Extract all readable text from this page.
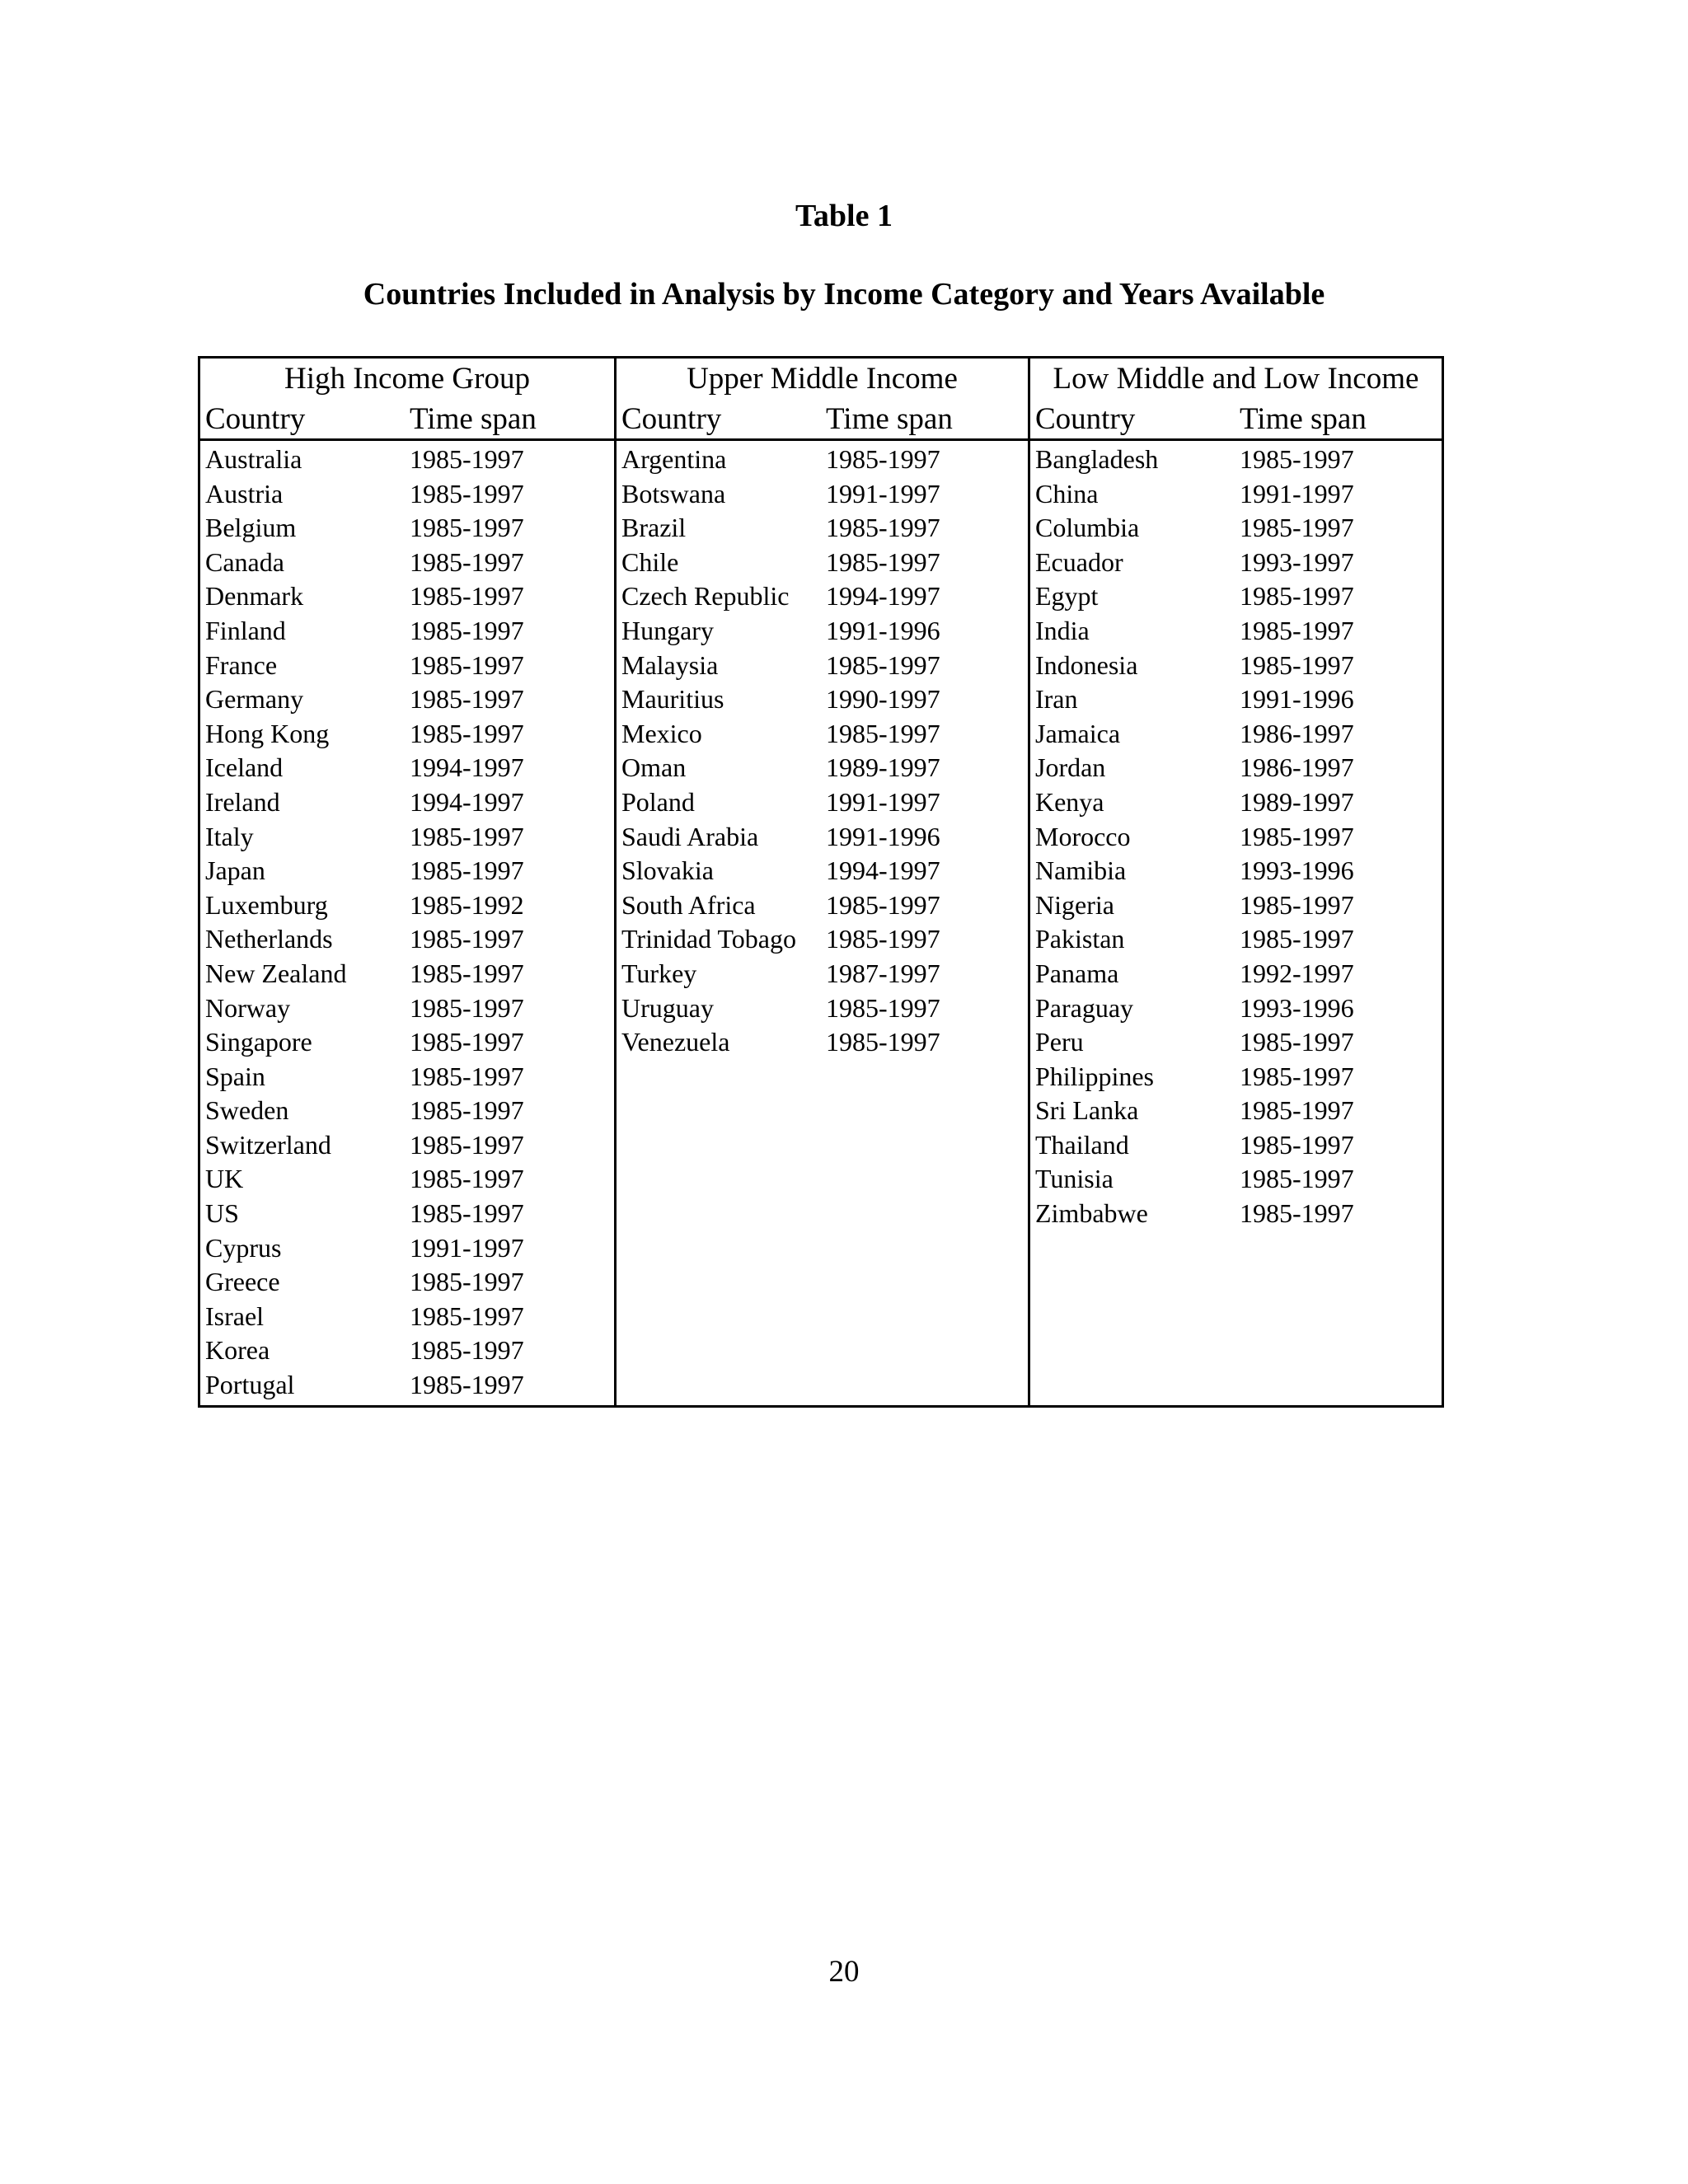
Table 1
Countries Included in Analysis by Income Category and Years Available
High Income Group
Country	Time span
Australia	1985-1997
Austria	1985-1997
Belgium	1985-1997
Canada	1985-1997
Denmark	1985-1997
Finland	1985-1997
France	1985-1997
Germany	1985-1997
Hong Kong	1985-1997
Iceland	1994-1997
Ireland	1994-1997
Italy	1985-1997
Japan	1985-1997
Luxemburg	1985-1992
Netherlands	1985-1997
New Zealand 1985-1997
Norway	1985-1997
Singapore	1985-1997
Spain	1985-1997
Sweden	1985-1997
Switzerland	1985-1997
UK	1985-1997
US	1985-1997
Cyprus	1991-1997
Greece	1985-1997
Israel	1985-1997
Korea	1985-1997
Portugal	1985-1997
Upper Middle Income
Country	Time span
Argentina	1985-1997
Botswana	1991-1997
Brazil	1985-1997
Chile	1985-1997
Czech Republic 1994-1997
Hungary	1991-1996
Malaysia	1985-1997
Mauritius	1990-1997
Mexico	1985-1997
Oman	1989-1997
Poland	1991-1997
Saudi Arabia	1991-1996
Slovakia	1994-1997
South Africa	1985-1997
Trinidad Tobago 1985-1997
Turkey	1987-1997
Uruguay	1985-1997
Venezuela	1985-1997
Low Middle and Low Income
Country	Time span
Bangladesh	1985-1997
China	1991-1997
Columbia	1985-1997
Ecuador	1993-1997
Egypt	1985-1997
India	1985-1997
Indonesia	1985-1997
Iran	1991-1996
Jamaica	1986-1997
Jordan	1986-1997
Kenya	1989-1997
Morocco	1985-1997
Namibia	1993-1996
Nigeria	1985-1997
Pakistan	1985-1997
Panama	1992-1997
Paraguay	1993-1996
Peru	1985-1997
Philippines	1985-1997
Sri Lanka	1985-1997
Thailand	1985-1997
Tunisia	1985-1997
Zimbabwe	1985-1997
20
